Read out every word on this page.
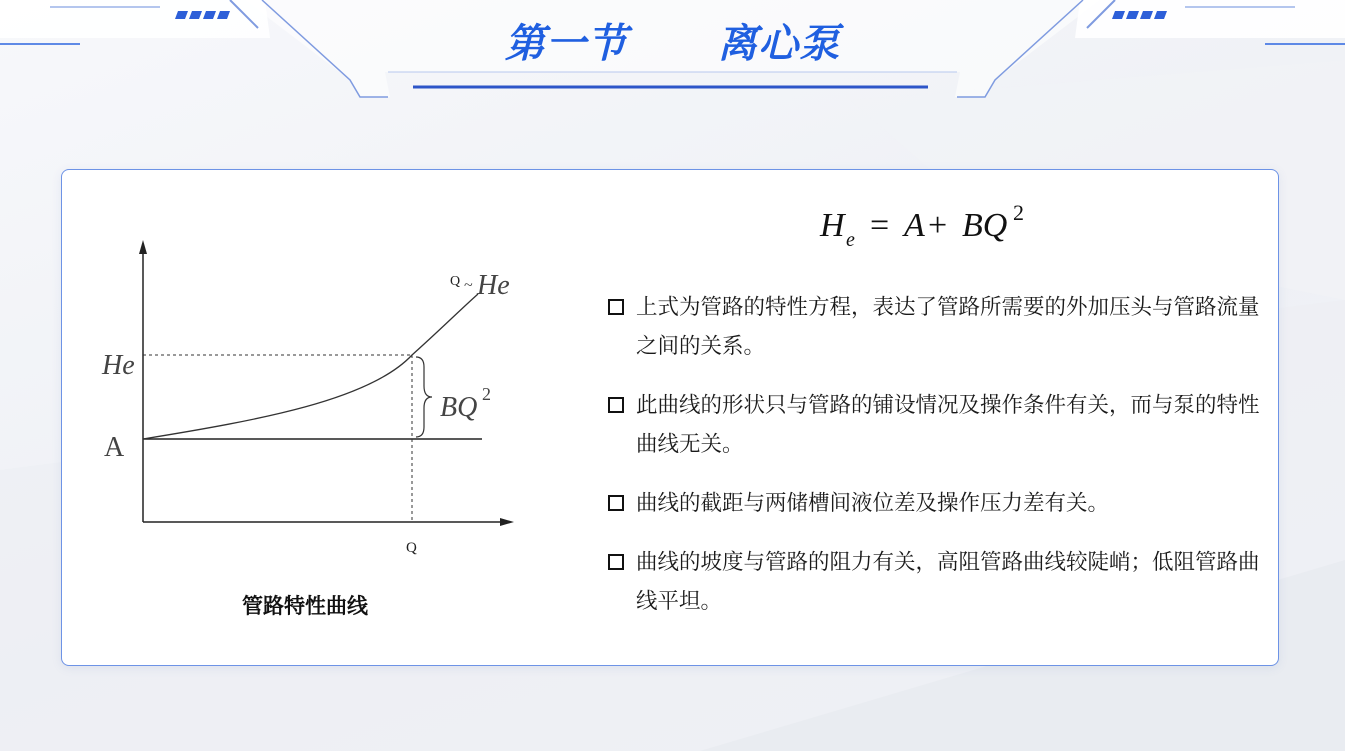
第一节      离心泵
He
A
Q
Q ~ He
BQ 2
管路特性曲线
H e = A + BQ 2
上式为管路的特性方程，表达了管路所需要的外加压头与管路流量之间的关系。
此曲线的形状只与管路的铺设情况及操作条件有关，而与泵的特性曲线无关。
曲线的截距与两储槽间液位差及操作压力差有关。
曲线的坡度与管路的阻力有关，高阻管路曲线较陡峭；低阻管路曲线平坦。
